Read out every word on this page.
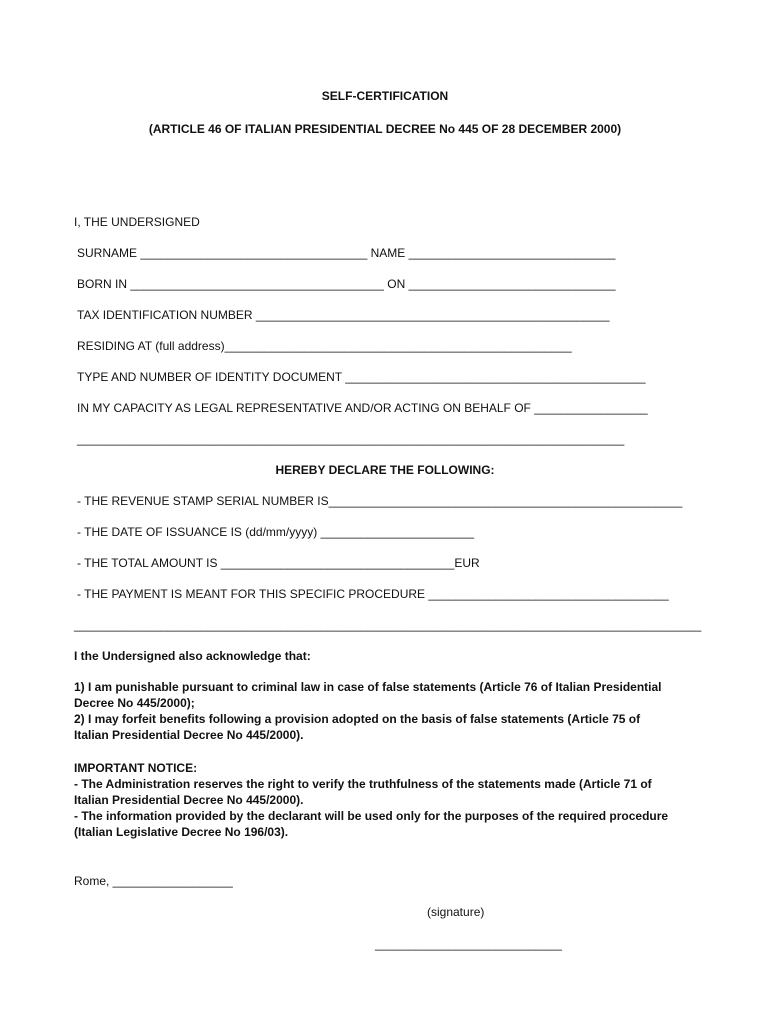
SELF-CERTIFICATION
(ARTICLE 46 OF ITALIAN PRESIDENTIAL DECREE No 445 OF 28 DECEMBER 2000)
I, THE UNDERSIGNED
SURNAME __________________________________ NAME _______________________________
BORN IN ______________________________________ ON _______________________________
TAX IDENTIFICATION NUMBER _____________________________________________________
RESIDING AT (full address)____________________________________________________
TYPE AND NUMBER OF IDENTITY DOCUMENT _____________________________________________
IN MY CAPACITY AS LEGAL REPRESENTATIVE AND/OR ACTING ON BEHALF OF _________________
__________________________________________________________________________________
HEREBY DECLARE THE FOLLOWING:
- THE REVENUE STAMP SERIAL NUMBER IS_____________________________________________________
- THE DATE OF ISSUANCE IS (dd/mm/yyyy) _______________________
- THE TOTAL AMOUNT IS ___________________________________EUR
- THE PAYMENT IS MEANT FOR THIS SPECIFIC PROCEDURE ____________________________________
______________________________________________________________________________________________
I the Undersigned also acknowledge that:
1) I am punishable pursuant to criminal law in case of false statements (Article 76 of Italian Presidential
Decree No 445/2000);
2) I may forfeit benefits following a provision adopted on the basis of false statements (Article 75 of
Italian Presidential Decree No 445/2000).
IMPORTANT NOTICE:
- The Administration reserves the right to verify the truthfulness of the statements made (Article 71 of
Italian Presidential Decree No 445/2000).
- The information provided by the declarant will be used only for the purposes of the required procedure
(Italian Legislative Decree No 196/03).
Rome, __________________
(signature)
____________________________
